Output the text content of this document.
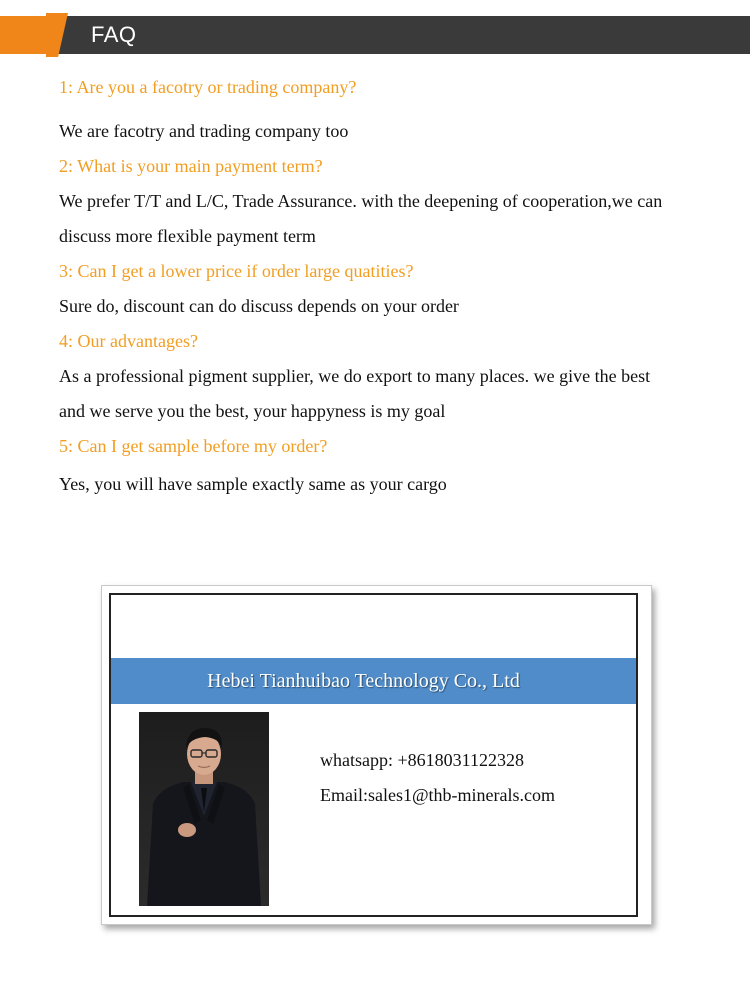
FAQ

1: Are you a facotry or trading company?

We are facotry and trading company too

2: What is your main payment term?

We prefer T/T and L/C, Trade Assurance. with the deepening of cooperation,we can

discuss more flexible payment term

3: Can I get a lower price if order large quatities?

Sure do, discount can do discuss depends on your order

4: Our advantages?

As a professional pigment supplier, we do export to many places. we give the best

and we serve you the best, your happyness is my goal

5: Can I get sample before my order?

Yes, you will have sample exactly same as your cargo

Hebei Tianhuibao Technology Co., Ltd

whatsapp: +8618031122328

Email:sales1@thb-minerals.com
